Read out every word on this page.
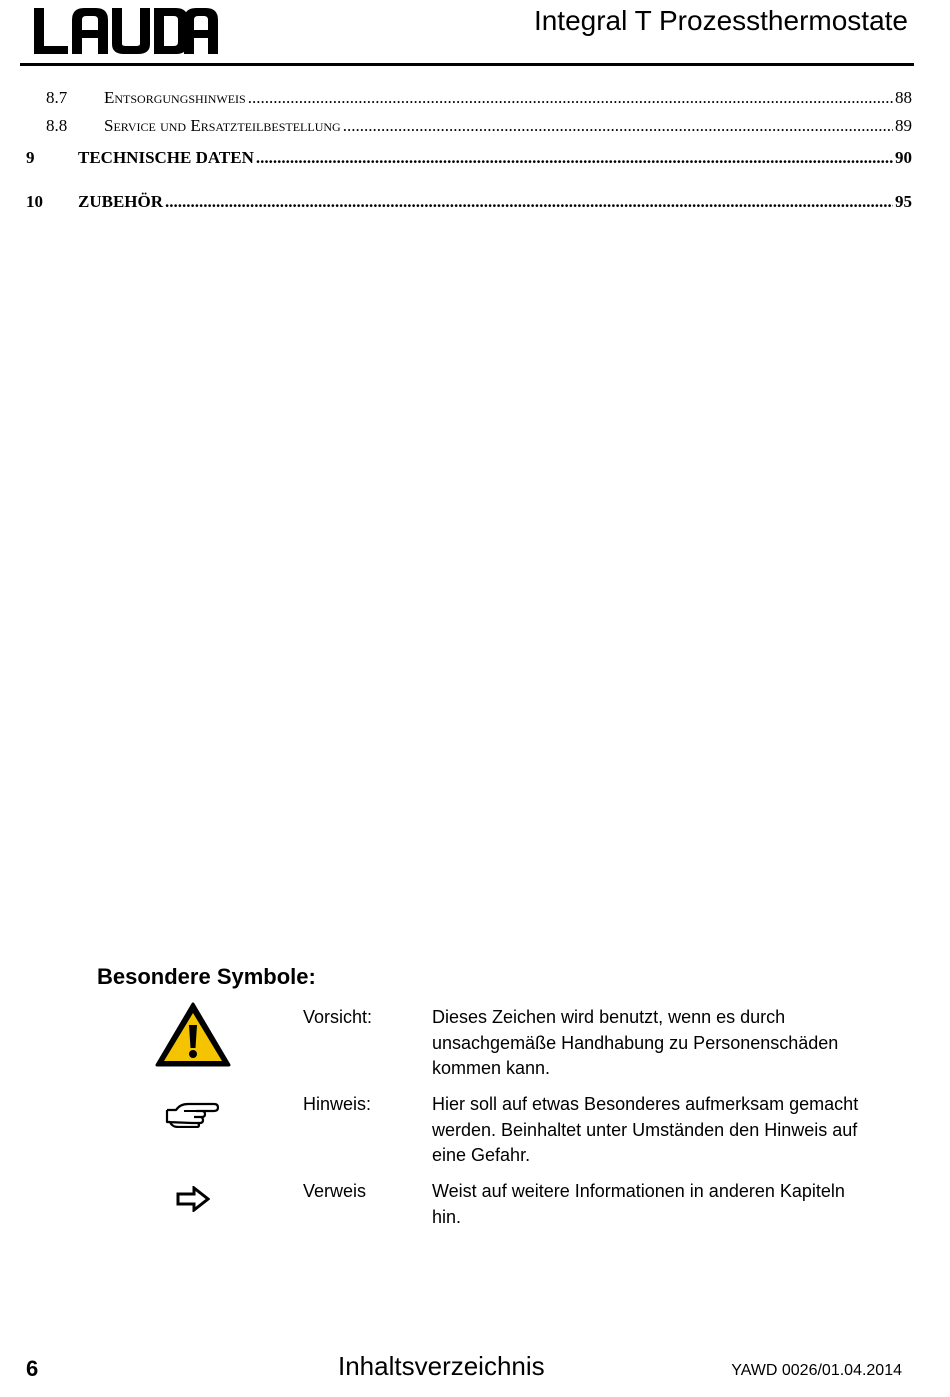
Integral T Prozessthermostate
8.7	Entsorgungshinweis .....	88
8.8	Service und Ersatzteilbestellung .....	89
9	TECHNISCHE DATEN .....	90
10	ZUBEHÖR .....	95
Besondere Symbole:
Vorsicht:	Dieses Zeichen wird benutzt, wenn es durch unsachgemäße Handhabung zu Personenschäden kommen kann.
Hinweis:	Hier soll auf etwas Besonderes aufmerksam gemacht werden. Beinhaltet unter Umständen den Hinweis auf eine Gefahr.
Verweis	Weist auf weitere Informationen in anderen Kapiteln hin.
6	Inhaltsverzeichnis	YAWD 0026/01.04.2014
